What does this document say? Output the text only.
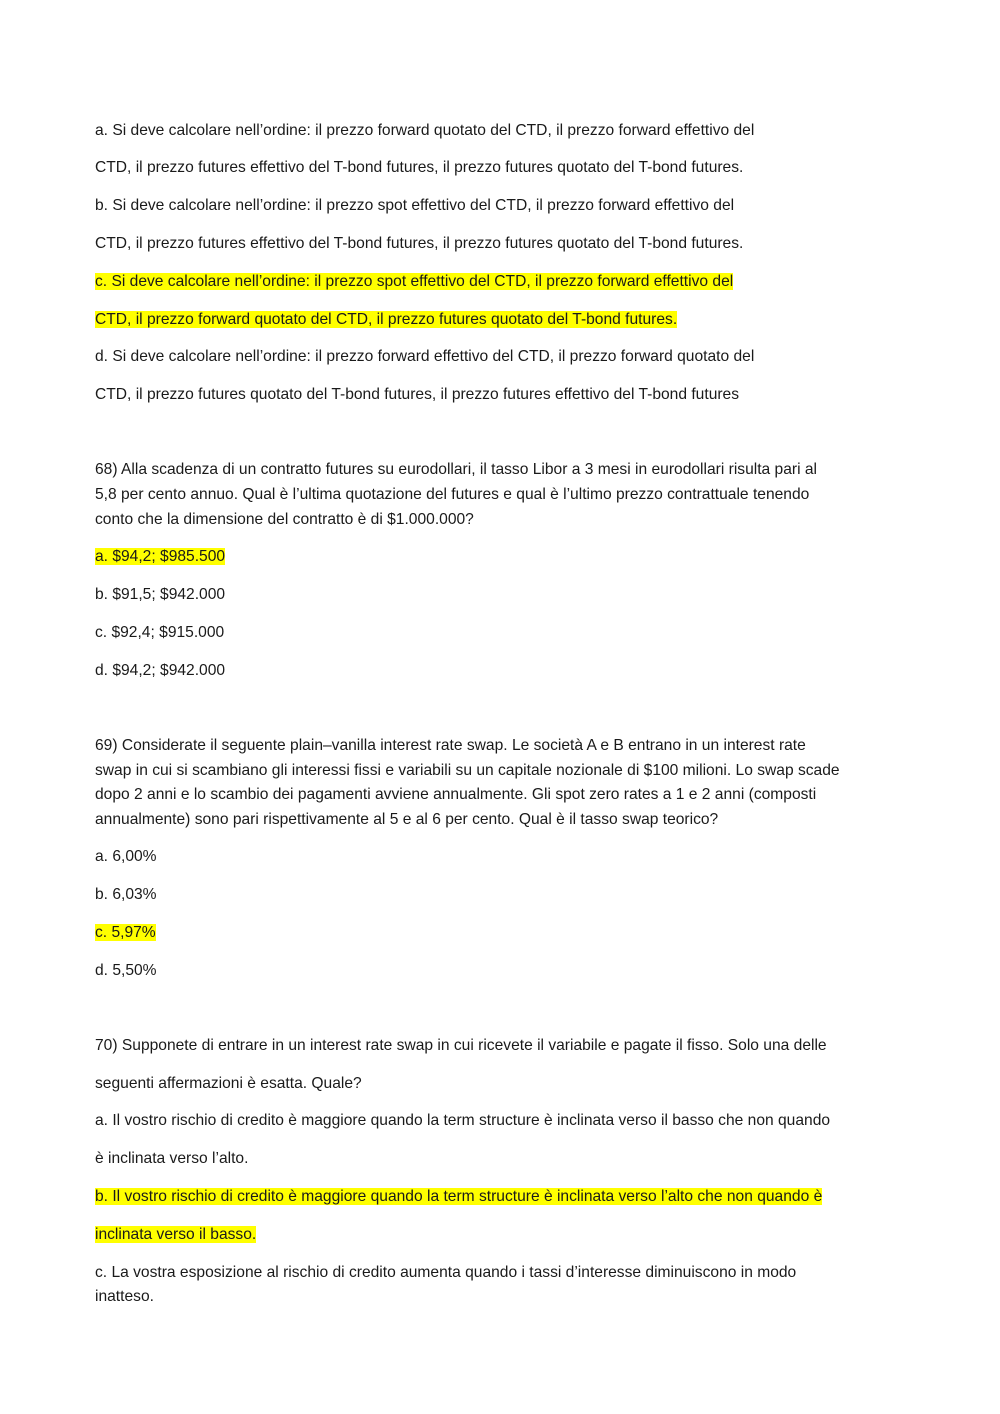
a. Si deve calcolare nell’ordine: il prezzo forward quotato del CTD, il prezzo forward effettivo del
CTD, il prezzo futures effettivo del T-bond futures, il prezzo futures quotato del T-bond futures.
b. Si deve calcolare nell’ordine: il prezzo spot effettivo del CTD, il prezzo forward effettivo del
CTD, il prezzo futures effettivo del T-bond futures, il prezzo futures quotato del T-bond futures.
c. Si deve calcolare nell’ordine: il prezzo spot effettivo del CTD, il prezzo forward effettivo del
CTD, il prezzo forward quotato del CTD, il prezzo futures quotato del T-bond futures.
d. Si deve calcolare nell’ordine: il prezzo forward effettivo del CTD, il prezzo forward quotato del
CTD, il prezzo futures quotato del T-bond futures, il prezzo futures effettivo del T-bond futures
68) Alla scadenza di un contratto futures su eurodollari, il tasso Libor a 3 mesi in eurodollari risulta pari al
5,8 per cento annuo. Qual è l’ultima quotazione del futures e qual è l’ultimo prezzo contrattuale tenendo
conto che la dimensione del contratto è di $1.000.000?
a. $94,2; $985.500
b. $91,5; $942.000
c. $92,4; $915.000
d. $94,2; $942.000
69) Considerate il seguente plain–vanilla interest rate swap. Le società A e B entrano in un interest rate
swap in cui si scambiano gli interessi fissi e variabili su un capitale nozionale di $100 milioni. Lo swap scade
dopo 2 anni e lo scambio dei pagamenti avviene annualmente. Gli spot zero rates a 1 e 2 anni (composti
annualmente) sono pari rispettivamente al 5 e al 6 per cento. Qual è il tasso swap teorico?
a. 6,00%
b. 6,03%
c. 5,97%
d. 5,50%
70) Supponete di entrare in un interest rate swap in cui ricevete il variabile e pagate il fisso. Solo una delle
seguenti affermazioni è esatta. Quale?
a. Il vostro rischio di credito è maggiore quando la term structure è inclinata verso il basso che non quando
è inclinata verso l’alto.
b. Il vostro rischio di credito è maggiore quando la term structure è inclinata verso l’alto che non quando è
inclinata verso il basso.
c. La vostra esposizione al rischio di credito aumenta quando i tassi d’interesse diminuiscono in modo
inatteso.
